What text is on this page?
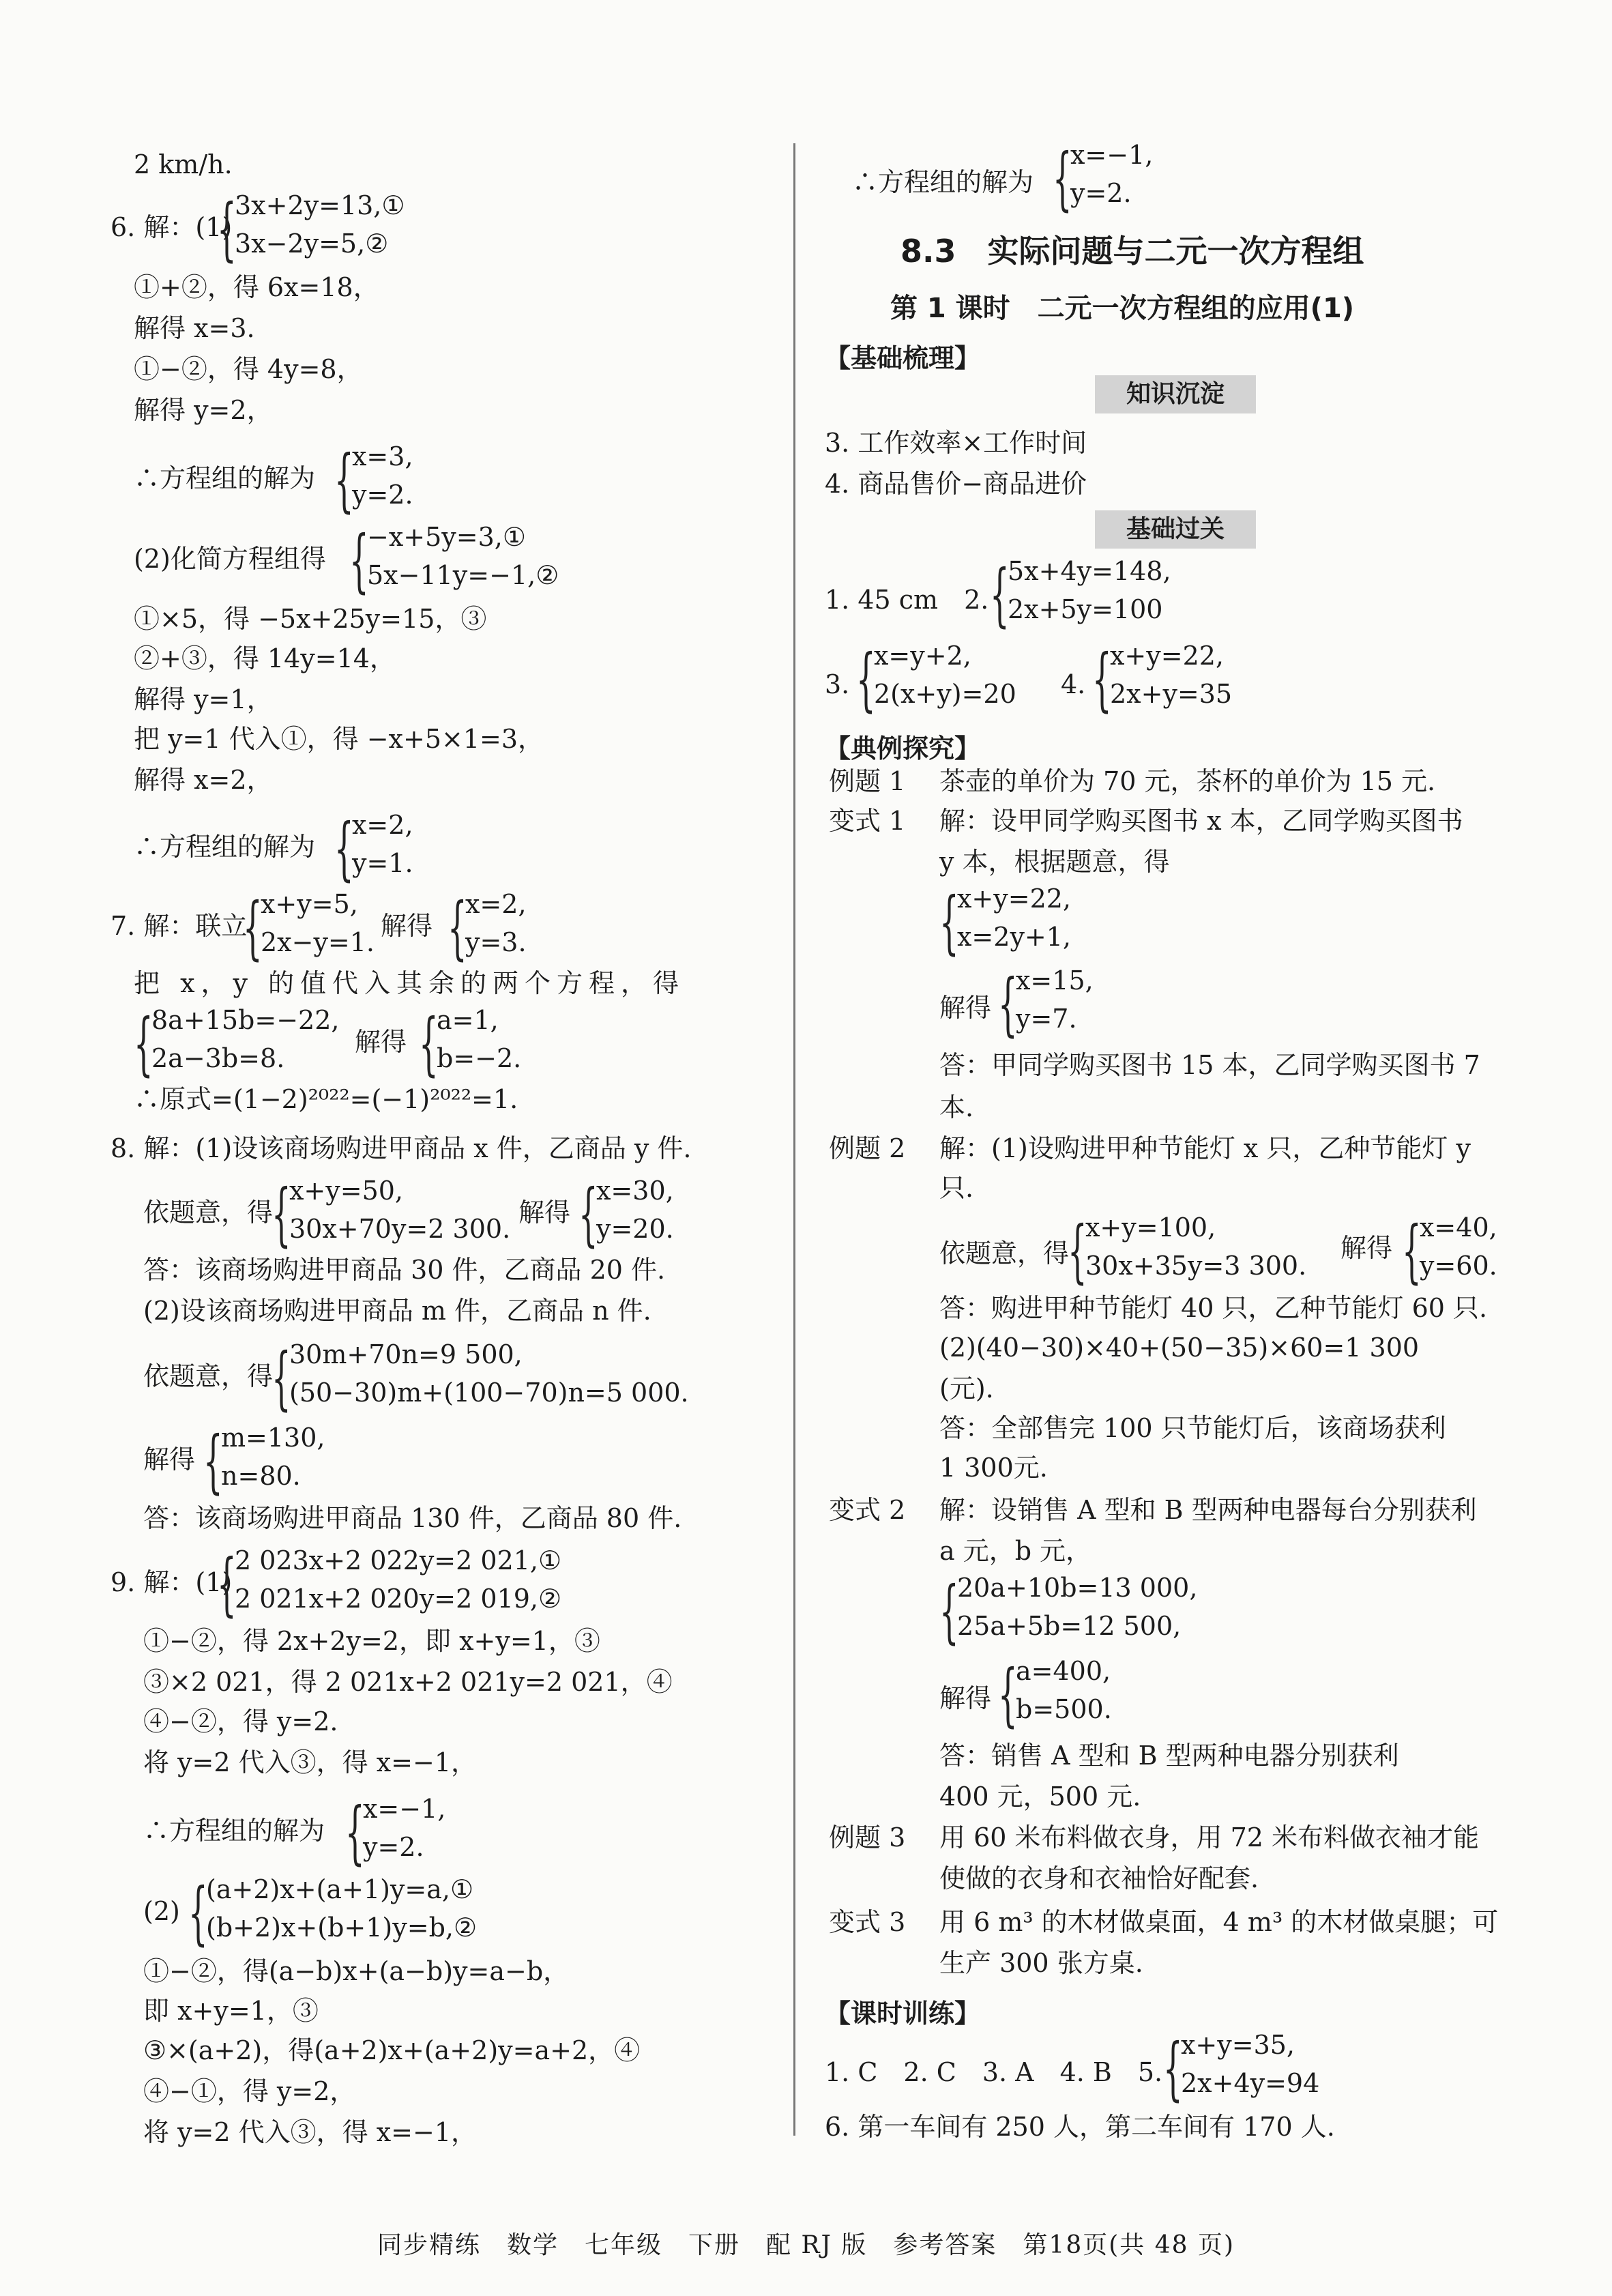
2 km/h.
6. 解：(1)
{
3x+2y=13,①
3x−2y=5,②
①+②，得 6x=18，
解得 x=3.
①−②，得 4y=8，
解得 y=2，
∴方程组的解为 {
x=3,
y=2.
(2)化简方程组得 {
−x+5y=3,①
5x−11y=−1,②
①×5，得 −5x+25y=15，③
②+③，得 14y=14，
解得 y=1，
把 y=1 代入①，得 −x+5×1=3，
解得 x=2，
∴方程组的解为 {
x=2,
y=1.
7. 解：联立
{
x+y=5,
2x−y=1.
解得 {
x=2,
y=3.
把 x，y 的值代入其余的两个方程，得
{
8a+15b=−22,
2a−3b=8.
解得 {
a=1,
b=−2.
∴原式=(1−2)²⁰²²=(−1)²⁰²²=1.
8. 解：(1)设该商场购进甲商品 x 件，乙商品 y 件.
依题意，得
{
x+y=50,
30x+70y=2 300.
解得 {
x=30,
y=20.
答：该商场购进甲商品 30 件，乙商品 20 件.
(2)设该商场购进甲商品 m 件，乙商品 n 件.
依题意，得
{
30m+70n=9 500,
(50−30)m+(100−70)n=5 000.
解得 {
m=130,
n=80.
答：该商场购进甲商品 130 件，乙商品 80 件.
9. 解：(1)
{
2 023x+2 022y=2 021,①
2 021x+2 020y=2 019,②
①−②，得 2x+2y=2，即 x+y=1，③
③×2 021，得 2 021x+2 021y=2 021，④
④−②，得 y=2.
将 y=2 代入③，得 x=−1，
∴方程组的解为 {
x=−1,
y=2.
(2) {
(a+2)x+(a+1)y=a,①
(b+2)x+(b+1)y=b,②
①−②，得(a−b)x+(a−b)y=a−b，
即 x+y=1，③
③×(a+2)，得(a+2)x+(a+2)y=a+2，④
④−①，得 y=2，
将 y=2 代入③，得 x=−1，
∴方程组的解为 {
x=−1,
y=2.
8.3　实际问题与二元一次方程组
第 1 课时　二元一次方程组的应用(1)
【基础梳理】
知识沉淀
3. 工作效率×工作时间
4. 商品售价−商品进价
基础过关
1. 45 cm　2. {
5x+4y=148,
2x+5y=100
3. {
x=y+2,
2(x+y)=20 4. {
x+y=22,
2x+y=35
【典例探究】
例题 1 茶壶的单价为 70 元，茶杯的单价为 15 元.
变式 1 解：设甲同学购买图书 x 本，乙同学购买图书
y 本，根据题意，得
{
x+y=22,
x=2y+1,
解得 {
x=15,
y=7.
答：甲同学购买图书 15 本，乙同学购买图书 7
本.
例题 2 解：(1)设购进甲种节能灯 x 只，乙种节能灯 y
只.
依题意，得
{
x+y=100,
30x+35y=3 300.
解得 {
x=40,
y=60.
答：购进甲种节能灯 40 只，乙种节能灯 60 只.
(2)(40−30)×40+(50−35)×60=1 300
(元).
答：全部售完 100 只节能灯后，该商场获利
1 300元.
变式 2 解：设销售 A 型和 B 型两种电器每台分别获利
a 元，b 元，
{
20a+10b=13 000,
25a+5b=12 500,
解得 {
a=400,
b=500.
答：销售 A 型和 B 型两种电器分别获利
400 元，500 元.
例题 3 用 60 米布料做衣身，用 72 米布料做衣袖才能
使做的衣身和衣袖恰好配套.
变式 3 用 6 m³ 的木材做桌面，4 m³ 的木材做桌腿；可
生产 300 张方桌.
【课时训练】
1. C　2. C　3. A　4. B　5. {
x+y=35,
2x+4y=94
6. 第一车间有 250 人，第二车间有 170 人.
同步精练　数学　七年级　下册　配 RJ 版　参考答案　第18页(共 48 页)
